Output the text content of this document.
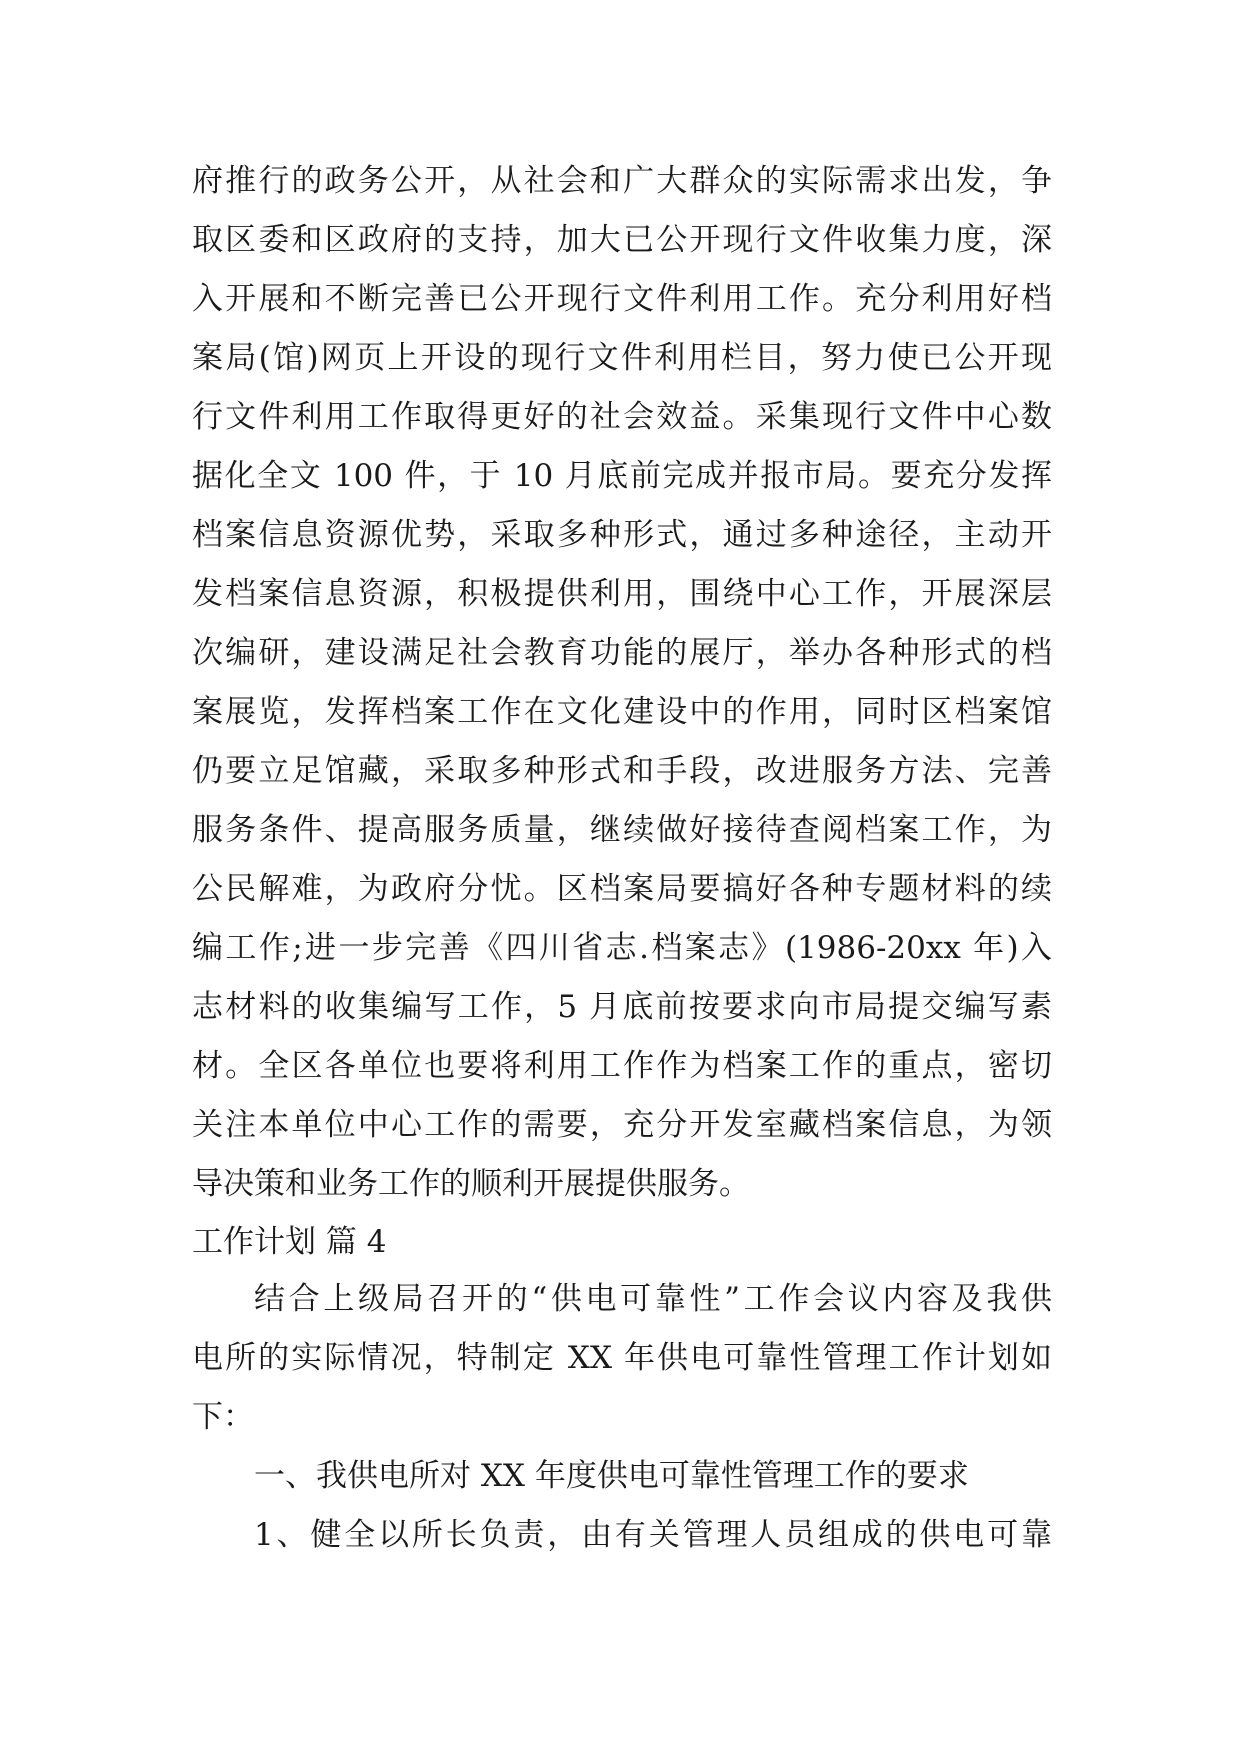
府推行的政务公开，从社会和广大群众的实际需求出发，争
取区委和区政府的支持，加大已公开现行文件收集力度，深
入开展和不断完善已公开现行文件利用工作。充分利用好档
案局(馆)网页上开设的现行文件利用栏目，努力使已公开现
行文件利用工作取得更好的社会效益。采集现行文件中心数
据化全文 100 件，于 10 月底前完成并报市局。要充分发挥
档案信息资源优势，采取多种形式，通过多种途径，主动开
发档案信息资源，积极提供利用，围绕中心工作，开展深层
次编研，建设满足社会教育功能的展厅，举办各种形式的档
案展览，发挥档案工作在文化建设中的作用，同时区档案馆
仍要立足馆藏，采取多种形式和手段，改进服务方法、完善
服务条件、提高服务质量，继续做好接待查阅档案工作，为
公民解难，为政府分忧。区档案局要搞好各种专题材料的续
编工作;进一步完善《四川省志.档案志》(1986-20xx 年)入
志材料的收集编写工作，5 月底前按要求向市局提交编写素
材。全区各单位也要将利用工作作为档案工作的重点，密切
关注本单位中心工作的需要，充分开发室藏档案信息，为领
导决策和业务工作的顺利开展提供服务。
工作计划 篇 4
结合上级局召开的“供电可靠性”工作会议内容及我供
电所的实际情况，特制定 XX 年供电可靠性管理工作计划如
下：
一、我供电所对 XX 年度供电可靠性管理工作的要求
1、健全以所长负责，由有关管理人员组成的供电可靠
